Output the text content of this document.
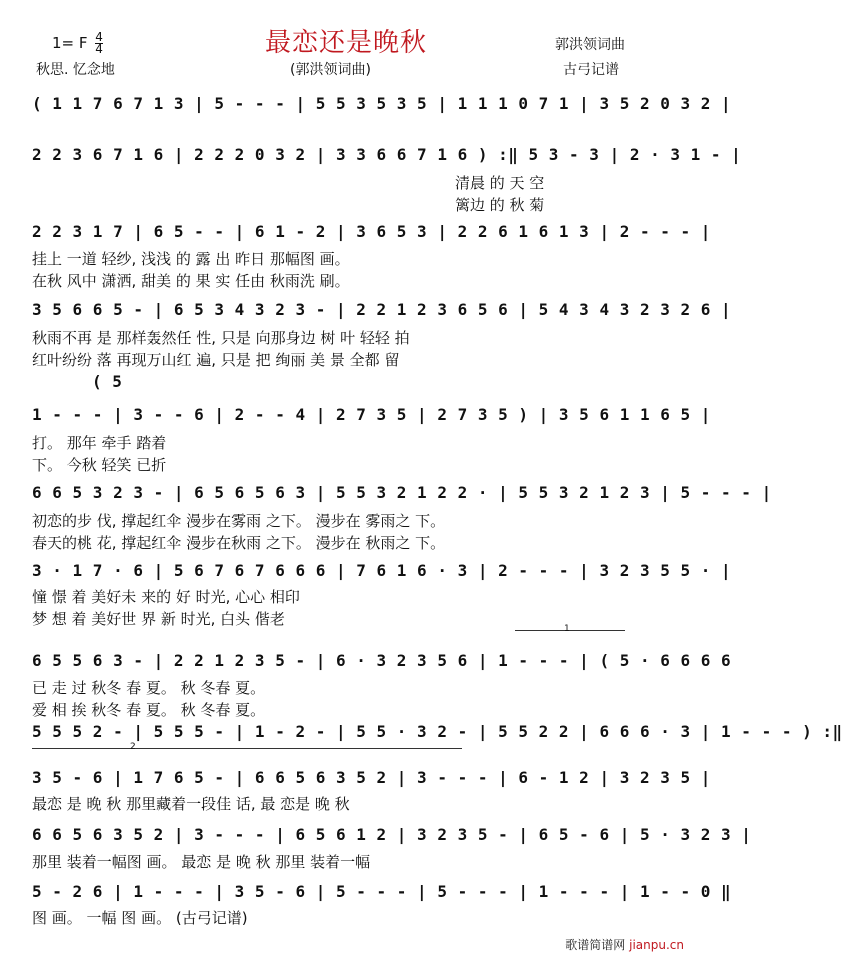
最恋还是晚秋
1= F $\frac{4}{4}$
秋思. 忆念地	(郭洪领词曲)
郭洪领词曲
古弓记谱
( 1 1 7 6 7 1 3 | 5 - - - | 5 5 3 5 3 5 | 1 1 1 0 7 1 | 3 5 2 0 3 2 |
2 2 3 6 7 1 6 | 2 2 2 0 3 2 | 3 3 6 6 7 1 6 ) :‖ 5 3 - 3 | 2 · 3 1 - |
清晨 的 天 空
篱边 的 秋 菊
2 2 3 1 7 | 6 5 - - | 6 1 - 2 | 3 6 5 3 | 2 2 6 1 6 1 3 | 2 - - - |
挂上 一道 轻纱, 浅浅 的 露 出 昨日 那幅图 画。
在秋 风中 潇洒, 甜美 的 果 实 任由 秋雨洗 刷。
3 5 6 6 5 - | 6 5 3 4 3 2 3 - | 2 2 1 2 3 6 5 6 | 5 4 3 4 3 2 3 2 6 |
秋雨不再 是 那样轰然任 性, 只是 向那身边 树 叶 轻轻 拍
红叶纷纷 落 再现万山红 遍, 只是 把 绚丽 美 景 全都 留
( 5
1 - - - | 3 - - 6 | 2 - - 4 | 2 7 3 5 | 2 7 3 5 ) | 3 5 6 1 1 6 5 |
打。 那年 牵手 踏着
下。 今秋 轻笑 已折
6 6 5 3 2 3 - | 6 5 6 5 6 3 | 5 5 3 2 1 2 2 · | 5 5 3 2 1 2 3 | 5 - - - |
初恋的步 伐, 撑起红伞 漫步在雾雨 之下。 漫步在 雾雨之 下。
春天的桃 花, 撑起红伞 漫步在秋雨 之下。 漫步在 秋雨之 下。
3 · 1 7 · 6 | 5 6 7 6 7 6 6 6 | 7 6 1 6 · 3 | 2 - - - | 3 2 3 5 5 · |
憧 憬 着 美好未 来的 好 时光, 心心 相印
梦 想 着 美好世 界 新 时光, 白头 偕老
1
6 5 5 6 3 - | 2 2 1 2 3 5 - | 6 · 3 2 3 5 6 | 1 - - - | ( 5 · 6 6 6 6
已 走 过 秋冬 春 夏。 秋 冬春 夏。
爱 相 挨 秋冬 春 夏。 秋 冬春 夏。
5 5 5 2 - | 5 5 5 - | 1 - 2 - | 5 5 · 3 2 - | 5 5 2 2 | 6 6 6 · 3 | 1 - - - ) :‖
2
3 5 - 6 | 1 7 6 5 - | 6 6 5 6 3 5 2 | 3 - - - | 6 - 1 2 | 3 2 3 5 |
最恋 是 晚 秋 那里藏着一段佳 话, 最 恋是 晚 秋
6 6 5 6 3 5 2 | 3 - - - | 6 5 6 1 2 | 3 2 3 5 - | 6 5 - 6 | 5 · 3 2 3 |
那里 装着一幅图 画。 最恋 是 晚 秋 那里 装着一幅
5 - 2 6 | 1 - - - | 3 5 - 6 | 5 - - - | 5 - - - | 1 - - - | 1 - - 0 ‖
图 画。 一幅 图 画。 (古弓记谱)
歌谱简谱网 jianpu.cn
